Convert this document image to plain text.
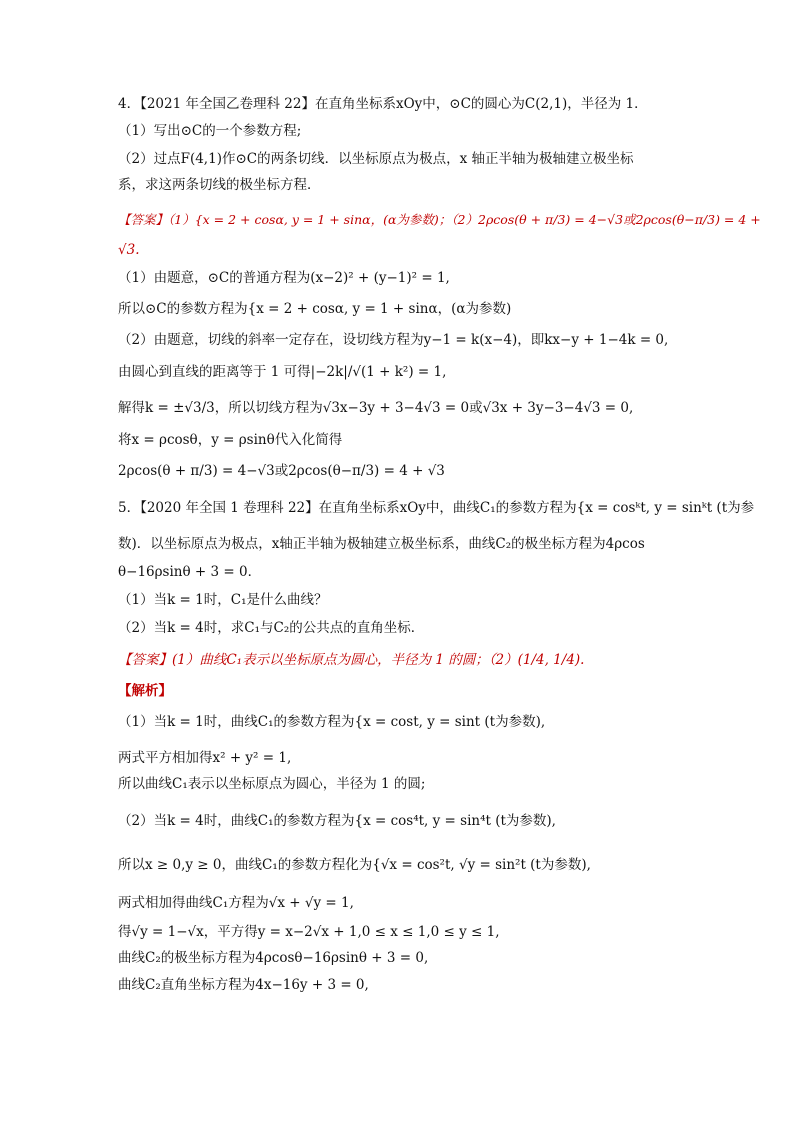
4．【2021 年全国乙卷理科 22】在直角坐标系xOy中，⊙C的圆心为C(2,1)，半径为 1．
（1）写出⊙C的一个参数方程;
（2）过点F(4,1)作⊙C的两条切线．以坐标原点为极点，x 轴正半轴为极轴建立极坐标
系，求这两条切线的极坐标方程．
【答案】（1）{x = 2 + cosα, y = 1 + sinα，(α为参数)；（2）2ρcos(θ + π/3) = 4−√3或2ρcos(θ−π/3) = 4 +
√3.
（1）由题意，⊙C的普通方程为(x−2)² + (y−1)² = 1,
所以⊙C的参数方程为{x = 2 + cosα, y = 1 + sinα，(α为参数)
（2）由题意，切线的斜率一定存在，设切线方程为y−1 = k(x−4)，即kx−y + 1−4k = 0,
由圆心到直线的距离等于 1 可得|−2k|/√(1 + k²) = 1,
解得k = ±√3/3，所以切线方程为√3x−3y + 3−4√3 = 0或√3x + 3y−3−4√3 = 0,
将x = ρcosθ，y = ρsinθ代入化简得
2ρcos(θ + π/3) = 4−√3或2ρcos(θ−π/3) = 4 + √3
5．【2020 年全国 1 卷理科 22】在直角坐标系xOy中，曲线C₁的参数方程为{x = cosᵏt, y = sinᵏt (t为参
数)．以坐标原点为极点，x轴正半轴为极轴建立极坐标系，曲线C₂的极坐标方程为4ρcos
θ−16ρsinθ + 3 = 0．
（1）当k = 1时，C₁是什么曲线？
（2）当k = 4时，求C₁与C₂的公共点的直角坐标．
【答案】(1）曲线C₁表示以坐标原点为圆心，半径为 1 的圆；（2）(1/4, 1/4).
【解析】
（1）当k = 1时，曲线C₁的参数方程为{x = cost, y = sint (t为参数),
两式平方相加得x² + y² = 1,
所以曲线C₁表示以坐标原点为圆心，半径为 1 的圆;
（2）当k = 4时，曲线C₁的参数方程为{x = cos⁴t, y = sin⁴t (t为参数),
所以x ≥ 0,y ≥ 0，曲线C₁的参数方程化为{√x = cos²t, √y = sin²t (t为参数),
两式相加得曲线C₁方程为√x + √y = 1,
得√y = 1−√x，平方得y = x−2√x + 1,0 ≤ x ≤ 1,0 ≤ y ≤ 1,
曲线C₂的极坐标方程为4ρcosθ−16ρsinθ + 3 = 0,
曲线C₂直角坐标方程为4x−16y + 3 = 0,
